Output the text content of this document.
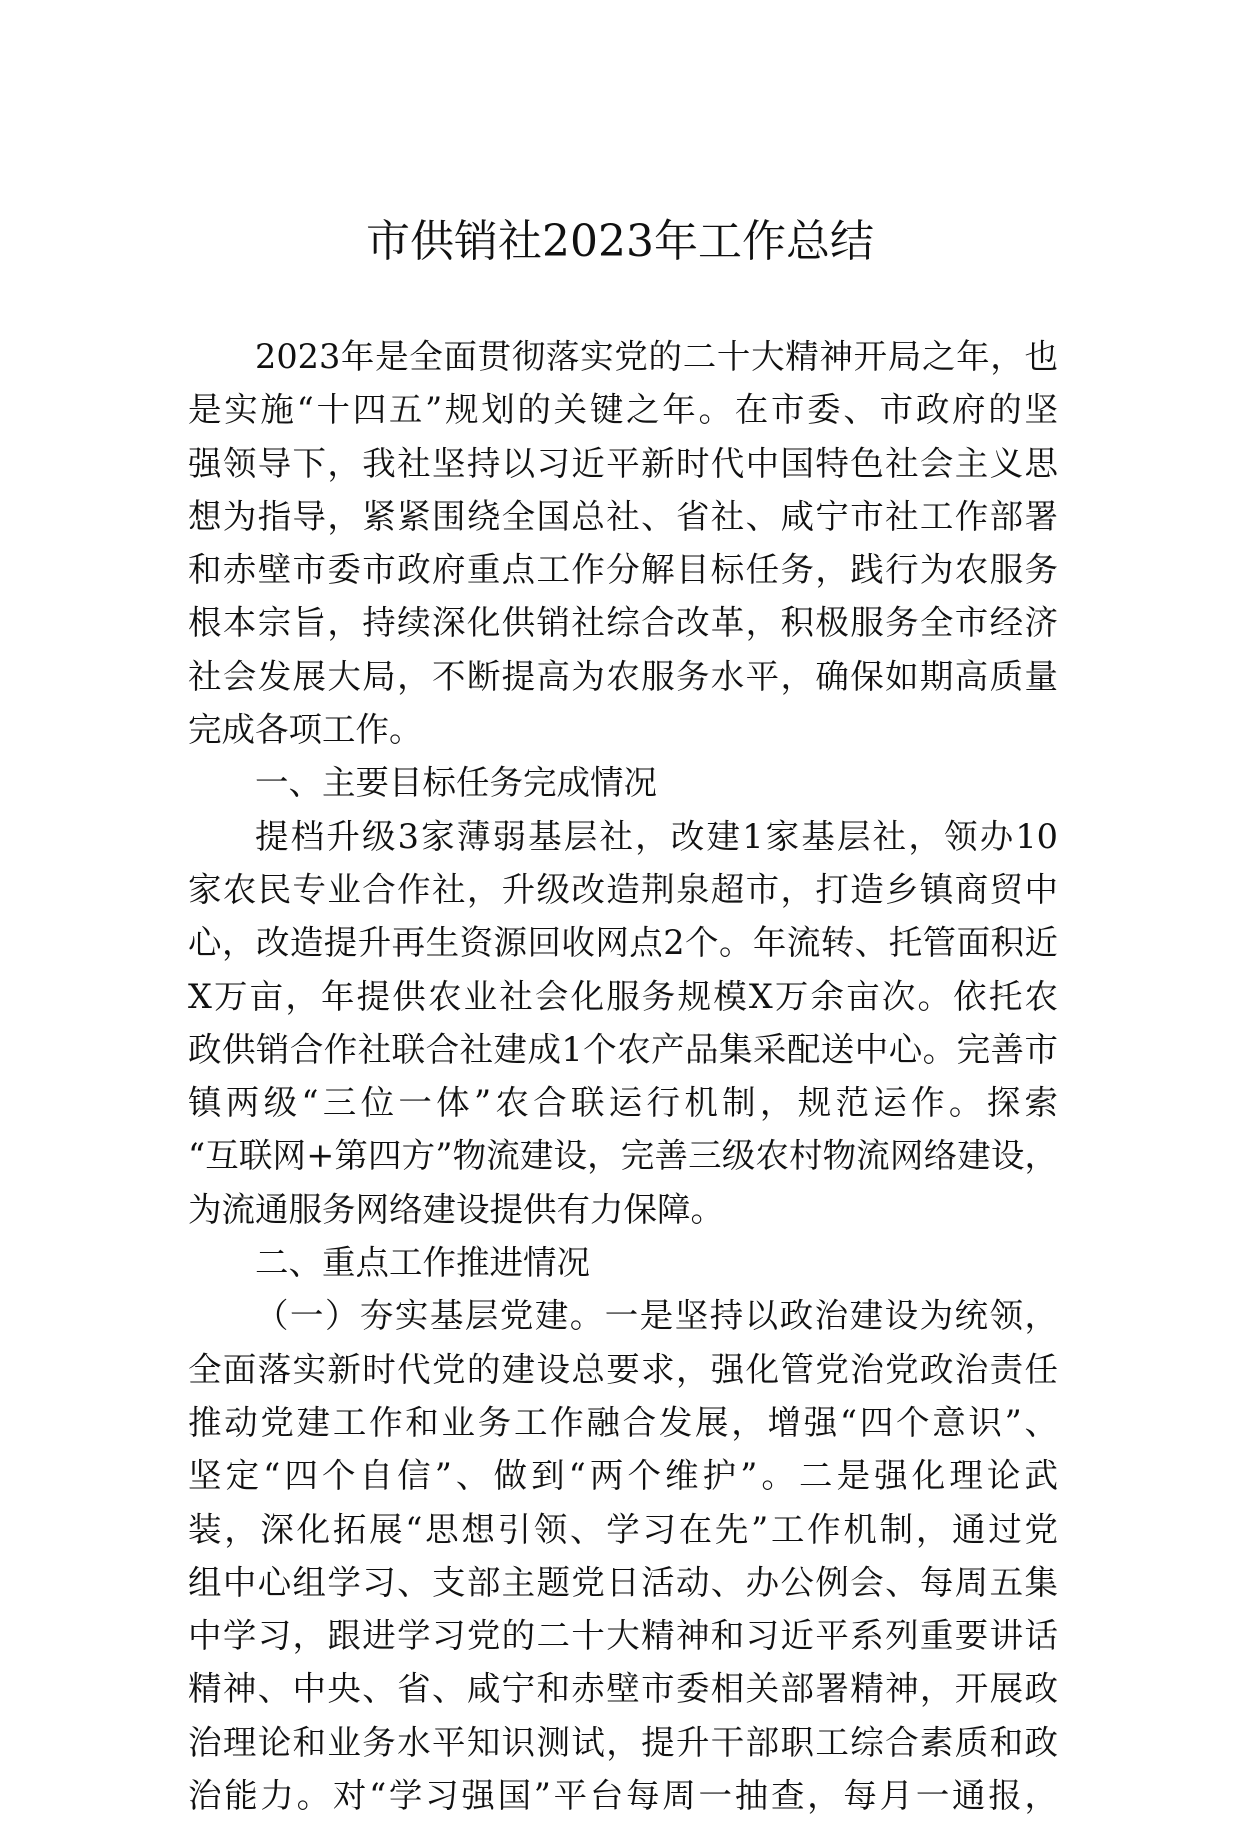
市供销社2023年工作总结
2023年是全面贯彻落实党的二十大精神开局之年，也
是实施“十四五”规划的关键之年。在市委、市政府的坚
强领导下，我社坚持以习近平新时代中国特色社会主义思
想为指导，紧紧围绕全国总社、省社、咸宁市社工作部署
和赤壁市委市政府重点工作分解目标任务，践行为农服务
根本宗旨，持续深化供销社综合改革，积极服务全市经济
社会发展大局，不断提高为农服务水平，确保如期高质量
完成各项工作。
一、主要目标任务完成情况
提档升级3家薄弱基层社，改建1家基层社，领办10
家农民专业合作社，升级改造荆泉超市，打造乡镇商贸中
心，改造提升再生资源回收网点2个。年流转、托管面积近
X万亩，年提供农业社会化服务规模X万余亩次。依托农
政供销合作社联合社建成1个农产品集采配送中心。完善市
镇两级“三位一体”农合联运行机制，规范运作。探索
“互联网+第四方”物流建设，完善三级农村物流网络建设，
为流通服务网络建设提供有力保障。
二、重点工作推进情况
（一）夯实基层党建。一是坚持以政治建设为统领，
全面落实新时代党的建设总要求，强化管党治党政治责任
推动党建工作和业务工作融合发展，增强“四个意识”、
坚定“四个自信”、做到“两个维护”。二是强化理论武
装，深化拓展“思想引领、学习在先”工作机制，通过党
组中心组学习、支部主题党日活动、办公例会、每周五集
中学习，跟进学习党的二十大精神和习近平系列重要讲话
精神、中央、省、咸宁和赤壁市委相关部署精神，开展政
治理论和业务水平知识测试，提升干部职工综合素质和政
治能力。对“学习强国”平台每周一抽查，每月一通报，
